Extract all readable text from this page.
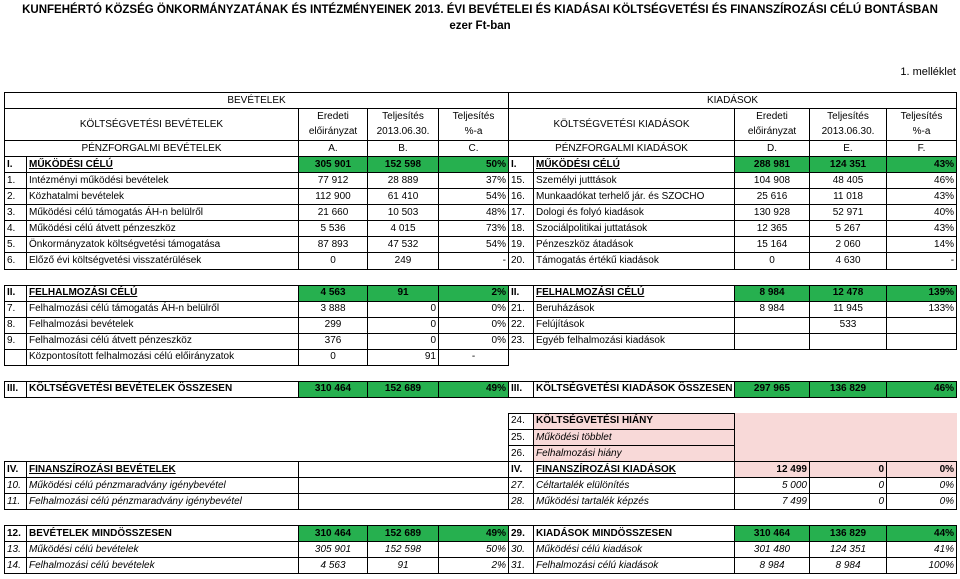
KUNFEHÉRTÓ KÖZSÉG ÖNKORMÁNYZATÁNAK ÉS INTÉZMÉNYEINEK 2013. ÉVI BEVÉTELEI ÉS KIADÁSAI KÖLTSÉGVETÉSI ÉS FINANSZÍROZÁSI CÉLÚ BONTÁSBAN
ezer Ft-ban
1. melléklet
BEVÉTELEK					KIADÁSOK				
KÖLTSÉGVETÉSI BEVÉTELEK		Eredeti	Teljesítés	Teljesítés	KÖLTSÉGVETÉSI KIADÁSOK		Eredeti	Teljesítés	Teljesítés
		előirányzat	2013.06.30.	%-a			előirányzat	2013.06.30.	%-a
PÉNZFORGALMI BEVÉTELEK		A.	B.	C.	PÉNZFORGALMI KIADÁSOK		D.	E.	F.
I.	MŰKÖDÉSI CÉLÚ	305 901	152 598	50%	I.	MŰKÖDÉSI CÉLÚ	288 981	124 351	43%
1.	Intézményi működési bevételek	77 912	28 889	37%	15.	Személyi jutttások	104 908	48 405	46%
2.	Közhatalmi bevételek	112 900	61 410	54%	16.	Munkaadókat terhelő jár. és SZOCHO	25 616	11 018	43%
3.	Működési célú támogatás ÁH-n belülről	21 660	10 503	48%	17.	Dologi és folyó kiadások	130 928	52 971	40%
4.	Működési célú átvett pénzeszköz	5 536	4 015	73%	18.	Szociálpolitikai juttatások	12 365	5 267	43%
5.	Önkormányzatok költségvetési támogatása	87 893	47 532	54%	19.	Pénzeszköz átadások	15 164	2 060	14%
6.	Előző évi költségvetési visszatérülések	0	249	-	20.	Támogatás értékű kiadások	0	4 630	-

II.	FELHALMOZÁSI CÉLÚ	4 563	91	2%	II.	FELHALMOZÁSI CÉLÚ	8 984	12 478	139%
7.	Felhalmozási célú támogatás ÁH-n belülről	3 888	0	0%	21.	Beruházások	8 984	11 945	133%
8.	Felhalmozási bevételek	299	0	0%	22.	Felújítások		533	
9.	Felhalmozási célú átvett pénzeszköz	376	0	0%	23.	Egyéb felhalmozási kiadások			
	Központosított felhalmozási célú előirányzatok	0	91	-					

III.	KÖLTSÉGVETÉSI BEVÉTELEK ÖSSZESEN	310 464	152 689	49%	III.	KÖLTSÉGVETÉSI KIADÁSOK ÖSSZESEN	297 965	136 829	46%

					24.	KÖLTSÉGVETÉSI HIÁNY			
					25.	Működési többlet			
					26.	Felhalmozási hiány			
IV.	FINANSZÍROZÁSI BEVÉTELEK				IV.	FINANSZÍROZÁSI KIADÁSOK	12 499	0	0%
10.	Működési célú pénzmaradvány igénybevétel				27.	Céltartalék elülönítés	5 000	0	0%
11.	Felhalmozási célú pénzmaradvány igénybevétel				28.	Működési tartalék képzés	7 499	0	0%

12.	BEVÉTELEK MINDÖSSZESEN	310 464	152 689	49%	29.	KIADÁSOK MINDÖSSZESEN	310 464	136 829	44%
13.	Működési célú bevételek	305 901	152 598	50%	30.	Működési célú kiadások	301 480	124 351	41%
14.	Felhalmozási célú bevételek	4 563	91	2%	31.	Felhalmozási célú kiadások	8 984	8 984	100%
